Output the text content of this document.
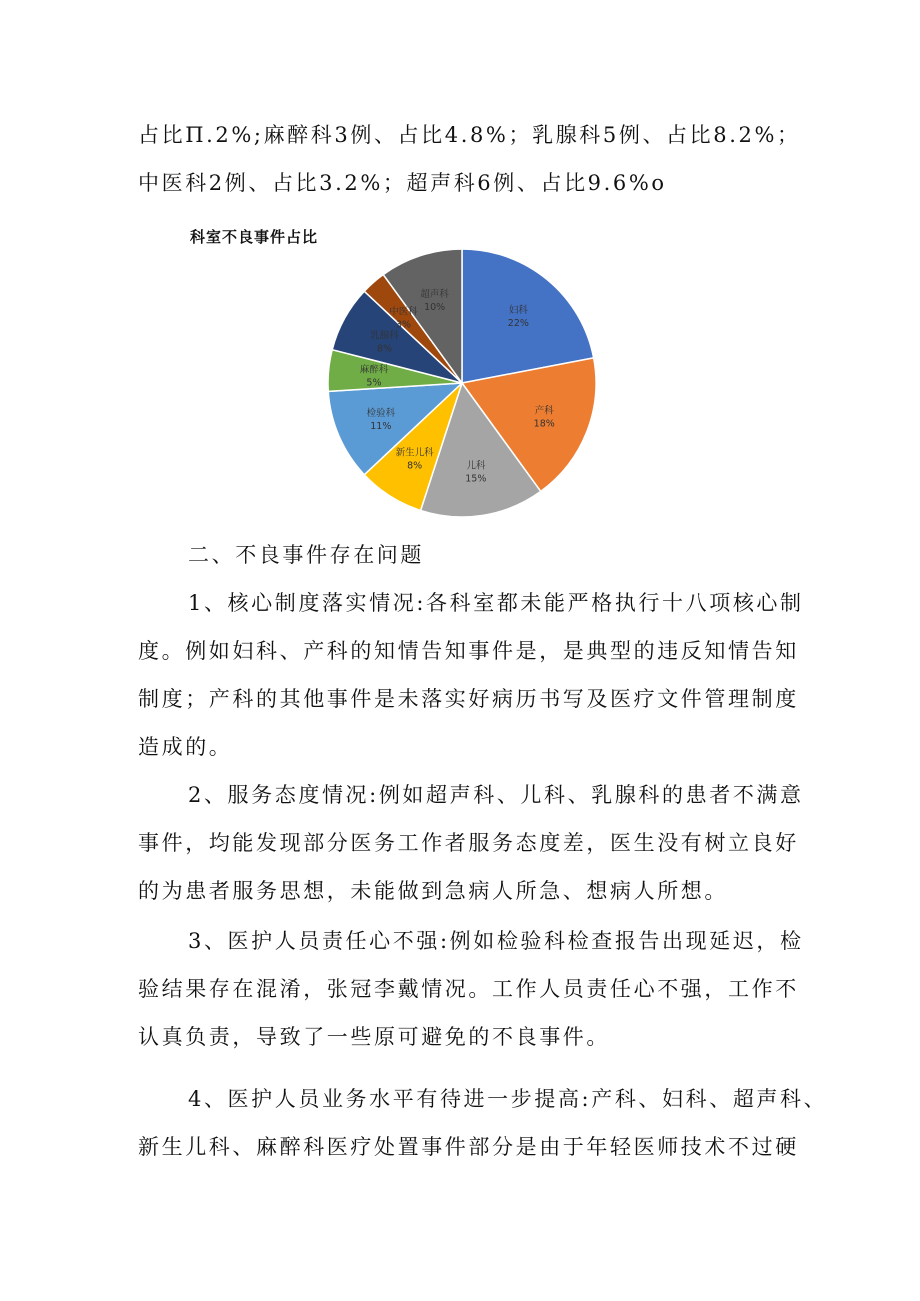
占比Π.2%;麻醉科3例、占比4.8%；乳腺科5例、占比8.2%；
中医科2例、占比3.2%；超声科6例、占比9.6%o
科室不良事件占比
妇科
22%
产科
18%
儿科
15%
新生儿科
8%
检验科
11%
麻醉科
5%
乳腺科
8%
中医科
3%
超声科
10%
二、不良事件存在问题
1、核心制度落实情况:各科室都未能严格执行十八项核心制
度。例如妇科、产科的知情告知事件是，是典型的违反知情告知
制度；产科的其他事件是未落实好病历书写及医疗文件管理制度
造成的。
2、服务态度情况:例如超声科、儿科、乳腺科的患者不满意
事件，均能发现部分医务工作者服务态度差，医生没有树立良好
的为患者服务思想，未能做到急病人所急、想病人所想。
3、医护人员责任心不强:例如检验科检查报告出现延迟，检
验结果存在混淆，张冠李戴情况。工作人员责任心不强，工作不
认真负责，导致了一些原可避免的不良事件。
4、医护人员业务水平有待进一步提高:产科、妇科、超声科、
新生儿科、麻醉科医疗处置事件部分是由于年轻医师技术不过硬
